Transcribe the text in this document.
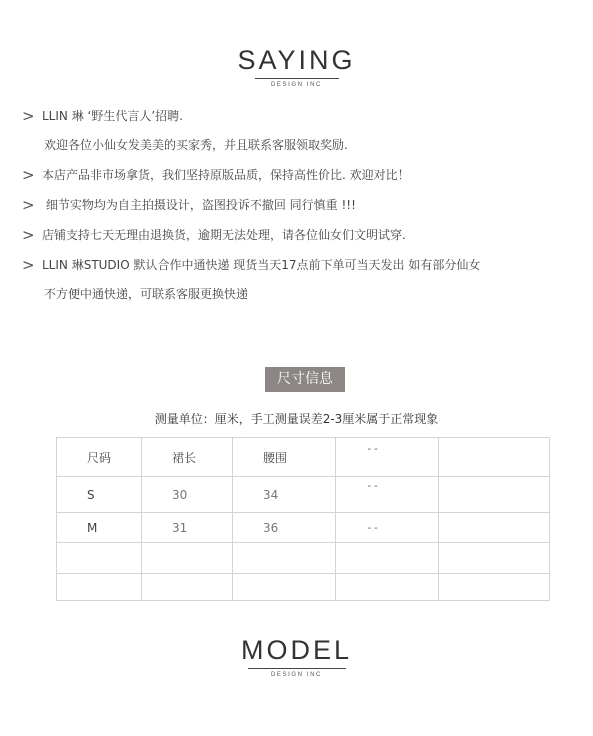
SAYING
DESIGN INC
> LLIN 琳 ‘野生代言人’招聘.
欢迎各位小仙女发美美的买家秀，并且联系客服领取奖励.
> 本店产品非市场拿货，我们坚持原版品质，保持高性价比. 欢迎对比！
> 细节实物均为自主拍摄设计，盗图投诉不撤回 同行慎重 !!!
> 店铺支持七天无理由退换货，逾期无法处理，请各位仙女们文明试穿.
> LLIN 琳STUDIO 默认合作中通快递 现货当天17点前下单可当天发出 如有部分仙女
不方便中通快递，可联系客服更换快递
尺寸信息
测量单位：厘米，手工测量误差2-3厘米属于正常现象
尺码	裙长	腰围	--	
S	30	34	--	
M	31	36	--	

MODEL
DESIGN INC
